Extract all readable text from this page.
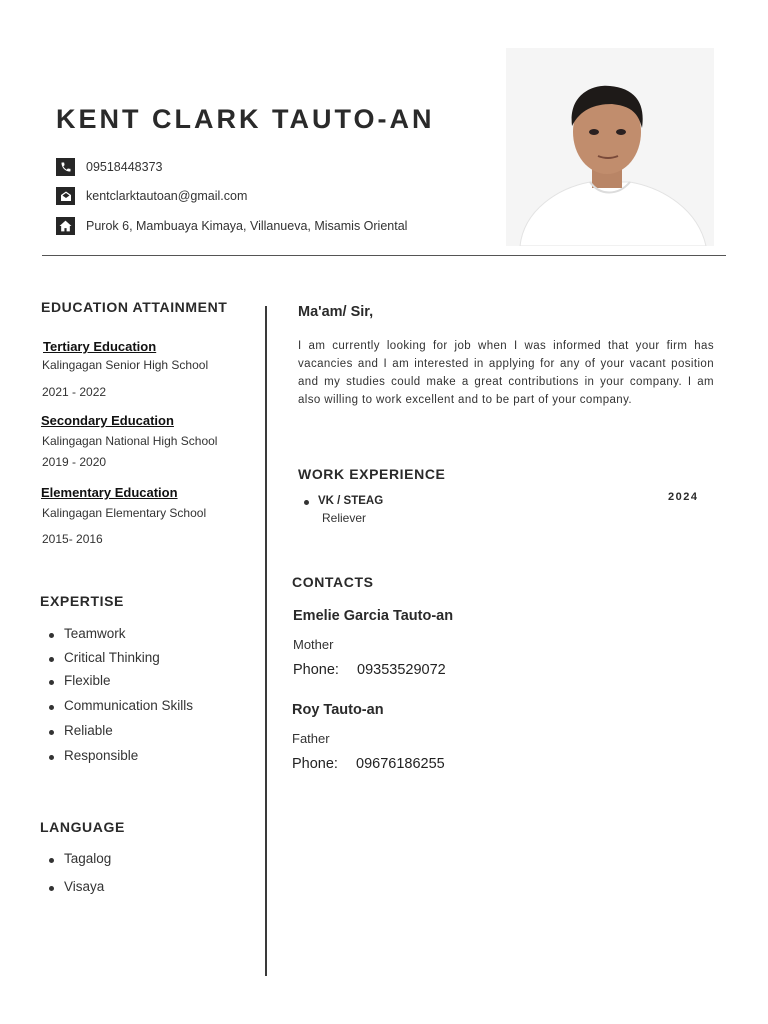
KENT CLARK TAUTO-AN
09518448373
kentclarktautoan@gmail.com
Purok 6, Mambuaya Kimaya, Villanueva, Misamis Oriental
EDUCATION ATTAINMENT
Tertiary Education
Kalingagan Senior High School
2021 - 2022
Secondary Education
Kalingagan National High School
2019 - 2020
Elementary Education
Kalingagan Elementary School
2015- 2016
EXPERTISE
Teamwork
Critical Thinking
Flexible
Communication Skills
Reliable
Responsible
LANGUAGE
Tagalog
Visaya
Ma'am/ Sir,
I am currently looking for job when I was informed that your firm has vacancies and I am interested in applying for any of your vacant position and my studies could make a great contributions in your company. I am also willing to work excellent and to be part of your company.
WORK EXPERIENCE
VK / STEAG
Reliever
2024
CONTACTS
Emelie Garcia Tauto-an
Mother
Phone: 09353529072
Roy Tauto-an
Father
Phone: 09676186255
